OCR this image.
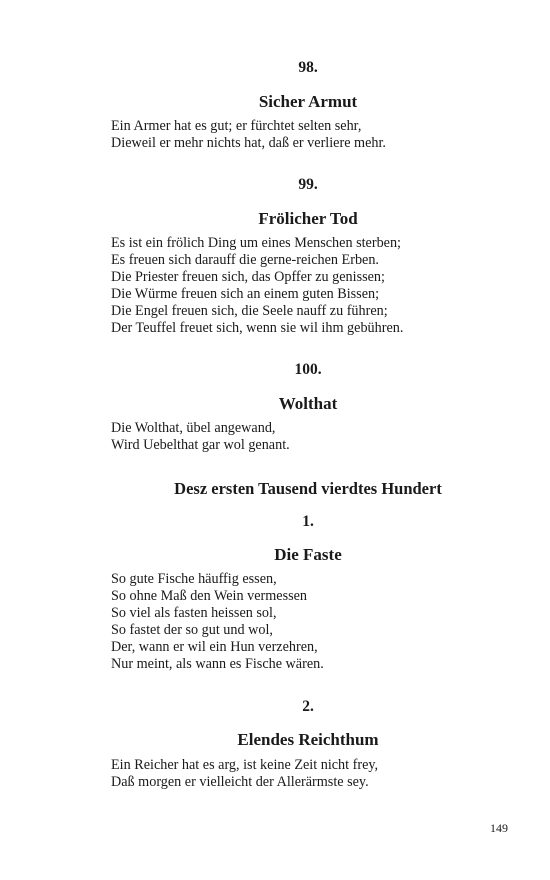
98.
Sicher Armut
Ein Armer hat es gut; er fürchtet selten sehr,
Dieweil er mehr nichts hat, daß er verliere mehr.
99.
Frölicher Tod
Es ist ein frölich Ding um eines Menschen sterben;
Es freuen sich darauff die gerne-reichen Erben.
Die Priester freuen sich, das Opffer zu genissen;
Die Würme freuen sich an einem guten Bissen;
Die Engel freuen sich, die Seele nauff zu führen;
Der Teuffel freuet sich, wenn sie wil ihm gebühren.
100.
Wolthat
Die Wolthat, übel angewand,
Wird Uebelthat gar wol genant.
Desz ersten Tausend vierdtes Hundert
1.
Die Faste
So gute Fische häuffig essen,
So ohne Maß den Wein vermessen
So viel als fasten heissen sol,
So fastet der so gut und wol,
Der, wann er wil ein Hun verzehren,
Nur meint, als wann es Fische wären.
2.
Elendes Reichthum
Ein Reicher hat es arg, ist keine Zeit nicht frey,
Daß morgen er vielleicht der Allerärmste sey.
149
